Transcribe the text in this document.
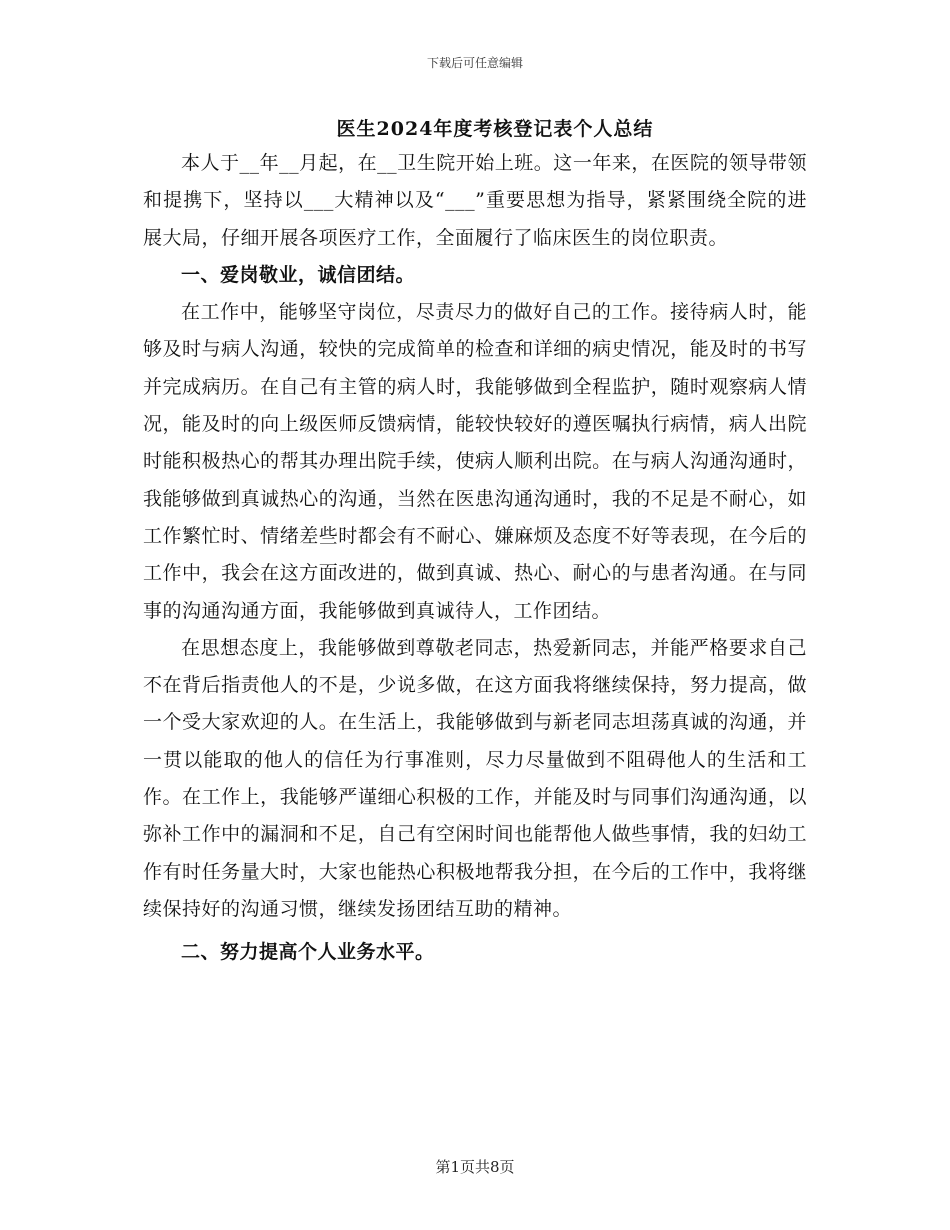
下载后可任意编辑
医生2024年度考核登记表个人总结

本人于__年__月起，在__卫生院开始上班。这一年来，在医院的领导带领和提携下，坚持以___大精神以及“___”重要思想为指导，紧紧围绕全院的进展大局，仔细开展各项医疗工作，全面履行了临床医生的岗位职责。

一、爱岗敬业，诚信团结。

在工作中，能够坚守岗位，尽责尽力的做好自己的工作。接待病人时，能够及时与病人沟通，较快的完成简单的检查和详细的病史情况，能及时的书写并完成病历。在自己有主管的病人时，我能够做到全程监护，随时观察病人情况，能及时的向上级医师反馈病情，能较快较好的遵医嘱执行病情，病人出院时能积极热心的帮其办理出院手续，使病人顺利出院。在与病人沟通沟通时，我能够做到真诚热心的沟通，当然在医患沟通沟通时，我的不足是不耐心，如工作繁忙时、情绪差些时都会有不耐心、嫌麻烦及态度不好等表现，在今后的工作中，我会在这方面改进的，做到真诚、热心、耐心的与患者沟通。在与同事的沟通沟通方面，我能够做到真诚待人，工作团结。

在思想态度上，我能够做到尊敬老同志，热爱新同志，并能严格要求自己不在背后指责他人的不是，少说多做，在这方面我将继续保持，努力提高，做一个受大家欢迎的人。在生活上，我能够做到与新老同志坦荡真诚的沟通，并一贯以能取的他人的信任为行事准则，尽力尽量做到不阻碍他人的生活和工作。在工作上，我能够严谨细心积极的工作，并能及时与同事们沟通沟通，以弥补工作中的漏洞和不足，自己有空闲时间也能帮他人做些事情，我的妇幼工作有时任务量大时，大家也能热心积极地帮我分担，在今后的工作中，我将继续保持好的沟通习惯，继续发扬团结互助的精神。

二、努力提高个人业务水平。

第1页共8页
